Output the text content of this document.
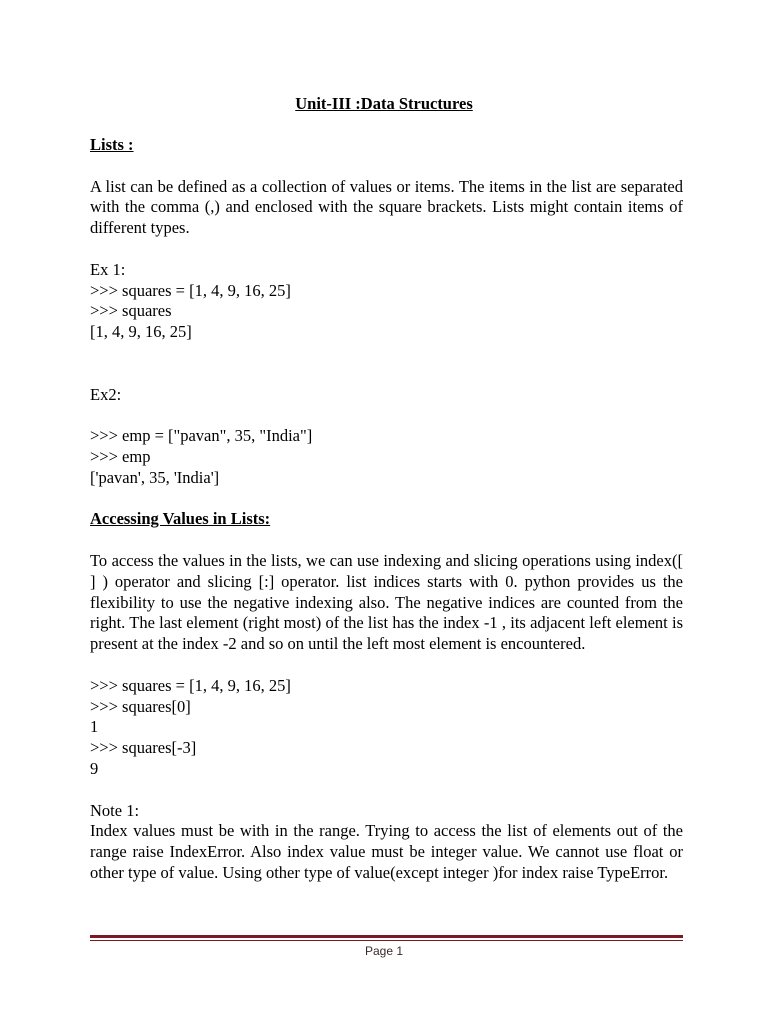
Unit-III :Data Structures

Lists :

A list can be defined as a collection of values or items. The items in the list are separated with the comma (,) and enclosed with the square brackets. Lists might contain items of different types.

Ex 1:
>>> squares = [1, 4, 9, 16, 25]
>>> squares
[1, 4, 9, 16, 25]
Ex2:
>>> emp = ["pavan", 35, "India"]
>>> emp
['pavan', 35, 'India']

Accessing Values in Lists:

To access the values in the lists, we can use indexing and slicing operations using index([ ] ) operator and slicing [:] operator. list indices starts with 0. python provides us the flexibility to use the negative indexing also. The negative indices are counted from the right. The last element (right most) of the list has the index -1 , its adjacent left element is present at the index -2 and so on until the left most element is encountered.

>>> squares = [1, 4, 9, 16, 25]
>>> squares[0]
1
>>> squares[-3]
9
Note 1:

Index values must be with in the range. Trying to access the list of elements out of the range raise IndexError. Also index value must be integer value. We cannot use float or other type of value. Using other type of value(except integer )for index raise TypeError.

Page 1
